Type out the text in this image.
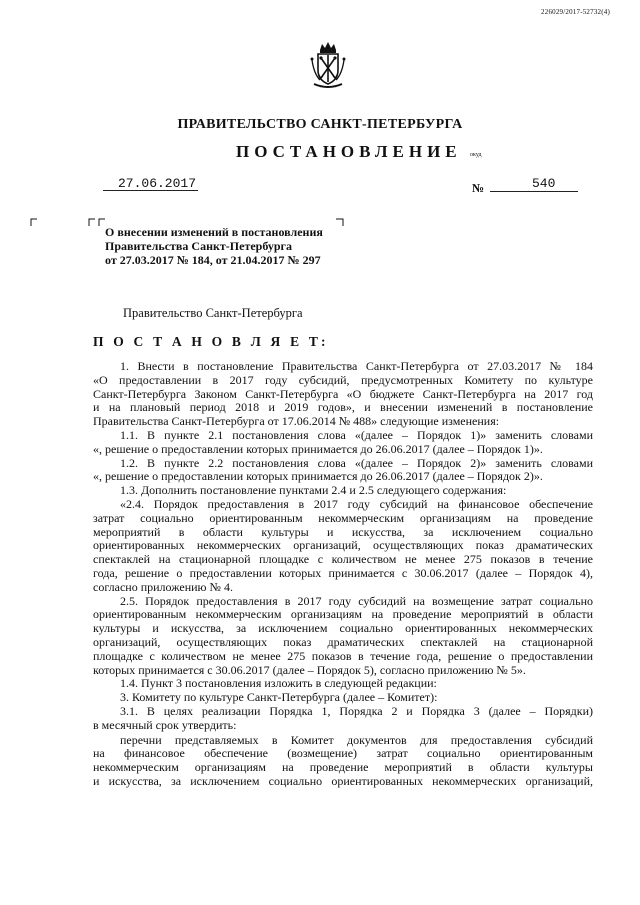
226029/2017-52732(4)
ПРАВИТЕЛЬСТВО САНКТ-ПЕТЕРБУРГА
ПОСТАНОВЛЕНИЕ окуд
27.06.2017	№	540
О внесении изменений в постановления
Правительства Санкт-Петербурга
от 27.03.2017 № 184, от 21.04.2017 № 297
Правительство Санкт-Петербурга
П О С Т А Н О В Л Я Е Т:

1. Внести в постановление Правительства Санкт-Петербурга от 27.03.2017 № 184

«О предоставлении в 2017 году субсидий, предусмотренных Комитету по культуре

Санкт-Петербурга Законом Санкт-Петербурга «О бюджете Санкт-Петербурга на 2017 год

и на плановый период 2018 и 2019 годов», и внесении изменений в постановление

Правительства Санкт-Петербурга от 17.06.2014 № 488» следующие изменения:

1.1. В пункте 2.1 постановления слова «(далее – Порядок 1)» заменить словами

«, решение о предоставлении которых принимается до 26.06.2017 (далее – Порядок 1)».

1.2. В пункте 2.2 постановления слова «(далее – Порядок 2)» заменить словами

«, решение о предоставлении которых принимается до 26.06.2017 (далее – Порядок 2)».

1.3. Дополнить постановление пунктами 2.4 и 2.5 следующего содержания:

«2.4. Порядок предоставления в 2017 году субсидий на финансовое обеспечение

затрат социально ориентированным некоммерческим организациям на проведение

мероприятий в области культуры и искусства, за исключением социально

ориентированных некоммерческих организаций, осуществляющих показ драматических

спектаклей на стационарной площадке с количеством не менее 275 показов в течение

года, решение о предоставлении которых принимается с 30.06.2017 (далее – Порядок 4),

согласно приложению № 4.

2.5. Порядок предоставления в 2017 году субсидий на возмещение затрат социально

ориентированным некоммерческим организациям на проведение мероприятий в области

культуры и искусства, за исключением социально ориентированных некоммерческих

организаций, осуществляющих показ драматических спектаклей на стационарной

площадке с количеством не менее 275 показов в течение года, решение о предоставлении

которых принимается с 30.06.2017 (далее – Порядок 5), согласно приложению № 5».

1.4. Пункт 3 постановления изложить в следующей редакции:

3. Комитету по культуре Санкт-Петербурга (далее – Комитет):

3.1. В целях реализации Порядка 1, Порядка 2 и Порядка 3 (далее – Порядки)

в месячный срок утвердить:

перечни представляемых в Комитет документов для предоставления субсидий

на финансовое обеспечение (возмещение) затрат социально ориентированным

некоммерческим организациям на проведение мероприятий в области культуры

и искусства, за исключением социально ориентированных некоммерческих организаций,
